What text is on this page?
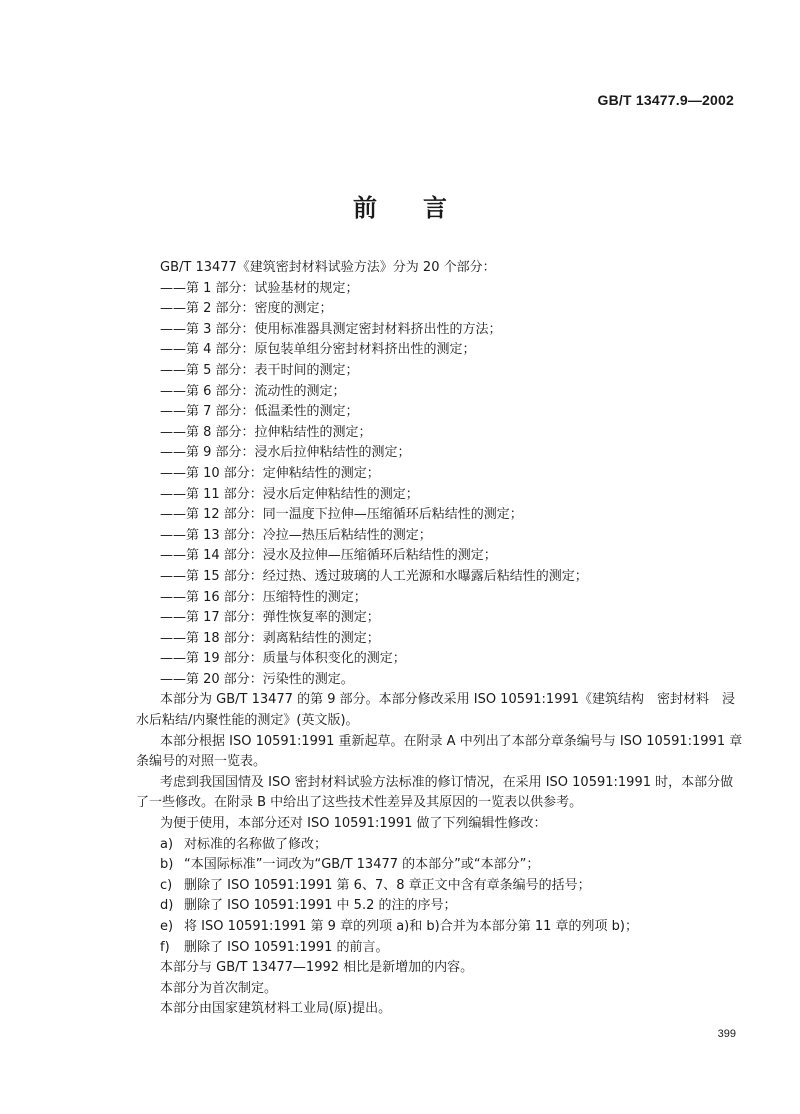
GB/T 13477.9—2002
前 言
GB/T 13477《建筑密封材料试验方法》分为 20 个部分：
——第 1 部分：试验基材的规定；
——第 2 部分：密度的测定；
——第 3 部分：使用标准器具测定密封材料挤出性的方法；
——第 4 部分：原包装单组分密封材料挤出性的测定；
——第 5 部分：表干时间的测定；
——第 6 部分：流动性的测定；
——第 7 部分：低温柔性的测定；
——第 8 部分：拉伸粘结性的测定；
——第 9 部分：浸水后拉伸粘结性的测定；
——第 10 部分：定伸粘结性的测定；
——第 11 部分：浸水后定伸粘结性的测定；
——第 12 部分：同一温度下拉伸—压缩循环后粘结性的测定；
——第 13 部分：冷拉—热压后粘结性的测定；
——第 14 部分：浸水及拉伸—压缩循环后粘结性的测定；
——第 15 部分：经过热、透过玻璃的人工光源和水曝露后粘结性的测定；
——第 16 部分：压缩特性的测定；
——第 17 部分：弹性恢复率的测定；
——第 18 部分：剥离粘结性的测定；
——第 19 部分：质量与体积变化的测定；
——第 20 部分：污染性的测定。
本部分为 GB/T 13477 的第 9 部分。本部分修改采用 ISO 10591:1991《建筑结构　密封材料　浸
水后粘结/内聚性能的测定》(英文版)。
本部分根据 ISO 10591:1991 重新起草。在附录 A 中列出了本部分章条编号与 ISO 10591:1991 章
条编号的对照一览表。
考虑到我国国情及 ISO 密封材料试验方法标准的修订情况，在采用 ISO 10591:1991 时，本部分做
了一些修改。在附录 B 中给出了这些技术性差异及其原因的一览表以供参考。
为便于使用，本部分还对 ISO 10591:1991 做了下列编辑性修改：
a) 对标准的名称做了修改；
b) “本国际标准”一词改为“GB/T 13477 的本部分”或“本部分”；
c) 删除了 ISO 10591:1991 第 6、7、8 章正文中含有章条编号的括号；
d) 删除了 ISO 10591:1991 中 5.2 的注的序号；
e) 将 ISO 10591:1991 第 9 章的列项 a)和 b)合并为本部分第 11 章的列项 b)；
f) 删除了 ISO 10591:1991 的前言。
本部分与 GB/T 13477—1992 相比是新增加的内容。
本部分为首次制定。
本部分由国家建筑材料工业局(原)提出。
399
